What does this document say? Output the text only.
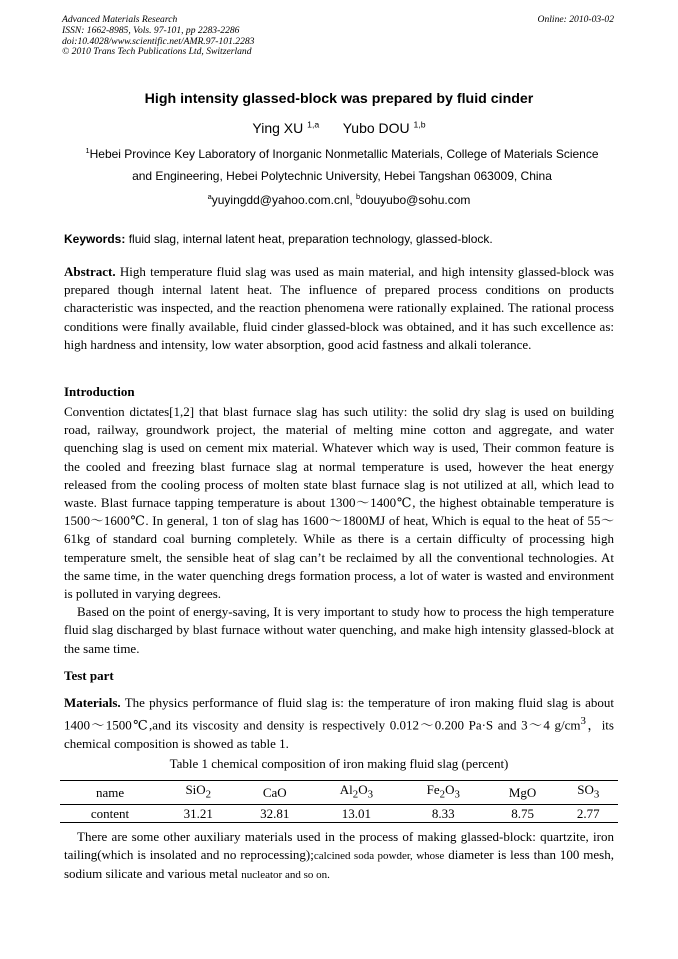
Advanced Materials Research
ISSN: 1662-8985, Vols. 97-101, pp 2283-2286
doi:10.4028/www.scientific.net/AMR.97-101.2283
© 2010 Trans Tech Publications Ltd, Switzerland
Online: 2010-03-02
High intensity glassed-block was prepared by fluid cinder
Ying XU $^{1,a}$ Yubo DOU $^{1,b}$
$^1$Hebei Province Key Laboratory of Inorganic Nonmetallic Materials, College of Materials Science
and Engineering, Hebei Polytechnic University, Hebei Tangshan 063009, China
$^a$yuyingdd@yahoo.com.cnl, $^b$douyubo@sohu.com
Keywords: fluid slag, internal latent heat, preparation technology, glassed-block.
Abstract. High temperature fluid slag was used as main material, and high intensity glassed-block was prepared though internal latent heat. The influence of prepared process conditions on products characteristic was inspected, and the reaction phenomena were rationally explained. The rational process conditions were finally available, fluid cinder glassed-block was obtained, and it has such excellence as: high hardness and intensity, low water absorption, good acid fastness and alkali tolerance.
Introduction

Convention dictates[1,2] that blast furnace slag has such utility: the solid dry slag is used on building road, railway, groundwork project, the material of melting mine cotton and aggregate, and water quenching slag is used on cement mix material. Whatever which way is used, Their common feature is the cooled and freezing blast furnace slag at normal temperature is used, however the heat energy released from the cooling process of molten state blast furnace slag is not utilized at all, which lead to waste. Blast furnace tapping temperature is about 1300～1400℃, the highest obtainable temperature is 1500～1600℃. In general, 1 ton of slag has 1600～1800MJ of heat, Which is equal to the heat of 55～61kg of standard coal burning completely. While as there is a certain difficulty of processing high temperature smelt, the sensible heat of slag can’t be reclaimed by all the conventional technologies. At the same time, in the water quenching dregs formation process, a lot of water is wasted and environment is polluted in varying degrees.

Based on the point of energy-saving, It is very important to study how to process the high temperature fluid slag discharged by blast furnace without water quenching, and make high intensity glassed-block at the same time.

Test part
Materials. The physics performance of fluid slag is: the temperature of iron making fluid slag is about 1400～1500℃,and its viscosity and density is respectively 0.012～0.200 Pa·S and 3～4 $g/cm^3$，its chemical composition is showed as table 1.
Table 1 chemical composition of iron making fluid slag (percent)
name	SiO$_2$	CaO	$Al_2O_3$	$Fe_2O_3$	MgO	$SO_3$
content	31.21	32.81	13.01	8.33	8.75	2.77

There are some other auxiliary materials used in the process of making glassed-block: quartzite, iron tailing(which is insolated and no reprocessing);calcined soda powder, whose diameter is less than 100 mesh, sodium silicate and various metal nucleator and so on.
